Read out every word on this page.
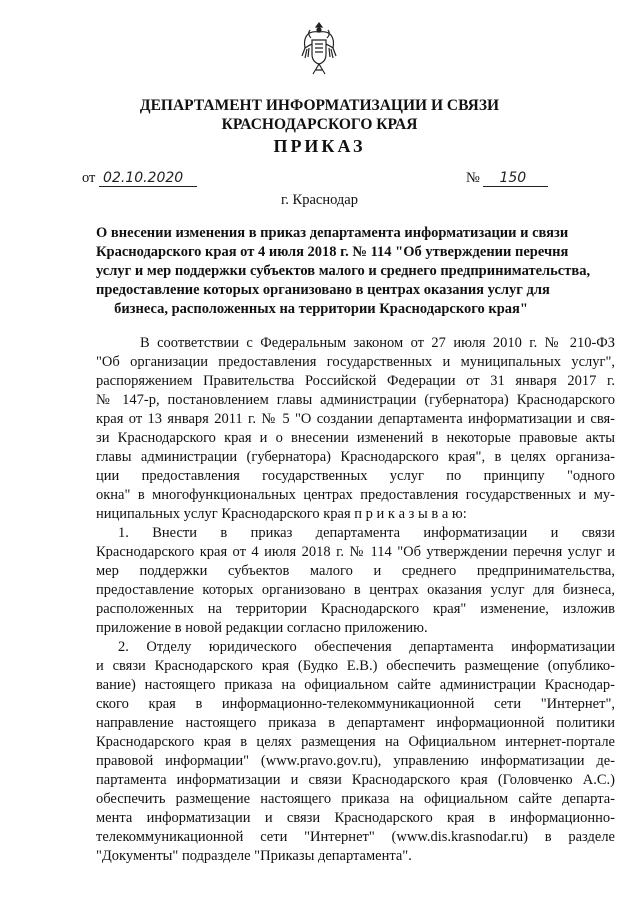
ДЕПАРТАМЕНТ ИНФОРМАТИЗАЦИИ И СВЯЗИ
КРАСНОДАРСКОГО КРАЯ
ПРИКАЗ
от 02.10.2020	№ 150
г. Краснодар
О внесении изменения в приказ департамента информатизации и связи
Краснодарского края от 4 июля 2018 г. № 114 "Об утверждении перечня
услуг и мер поддержки субъектов малого и среднего предпринимательства,
предоставление которых организовано в центрах оказания услуг для
бизнеса, расположенных на территории Краснодарского края"
В соответствии с Федеральным законом от 27 июля 2010 г. № 210-ФЗ
"Об организации предоставления государственных и муниципальных услуг",
распоряжением Правительства Российской Федерации от 31 января 2017 г.
№ 147-р, постановлением главы администрации (губернатора) Краснодарского
края от 13 января 2011 г. № 5 "О создании департамента информатизации и свя-
зи Краснодарского края и о внесении изменений в некоторые правовые акты
главы администрации (губернатора) Краснодарского края", в целях организа-
ции предоставления государственных услуг по принципу "одного
окна" в многофункциональных центрах предоставления государственных и му-
ниципальных услуг Краснодарского края п р и к а з ы в а ю:
1. Внести в приказ департамента информатизации и связи
Краснодарского края от 4 июля 2018 г. № 114 "Об утверждении перечня услуг и
мер поддержки субъектов малого и среднего предпринимательства,
предоставление которых организовано в центрах оказания услуг для бизнеса,
расположенных на территории Краснодарского края" изменение, изложив
приложение в новой редакции согласно приложению.
2. Отделу юридического обеспечения департамента информатизации
и связи Краснодарского края (Будко Е.В.) обеспечить размещение (опублико-
вание) настоящего приказа на официальном сайте администрации Краснодар-
ского края в информационно-телекоммуникационной сети "Интернет",
направление настоящего приказа в департамент информационной политики
Краснодарского края в целях размещения на Официальном интернет-портале
правовой информации" (www.pravo.gov.ru), управлению информатизации де-
партамента информатизации и связи Краснодарского края (Головченко А.С.)
обеспечить размещение настоящего приказа на официальном сайте департа-
мента информатизации и связи Краснодарского края в информационно-
телекоммуникационной сети "Интернет" (www.dis.krasnodar.ru) в разделе
"Документы" подразделе "Приказы департамента".
